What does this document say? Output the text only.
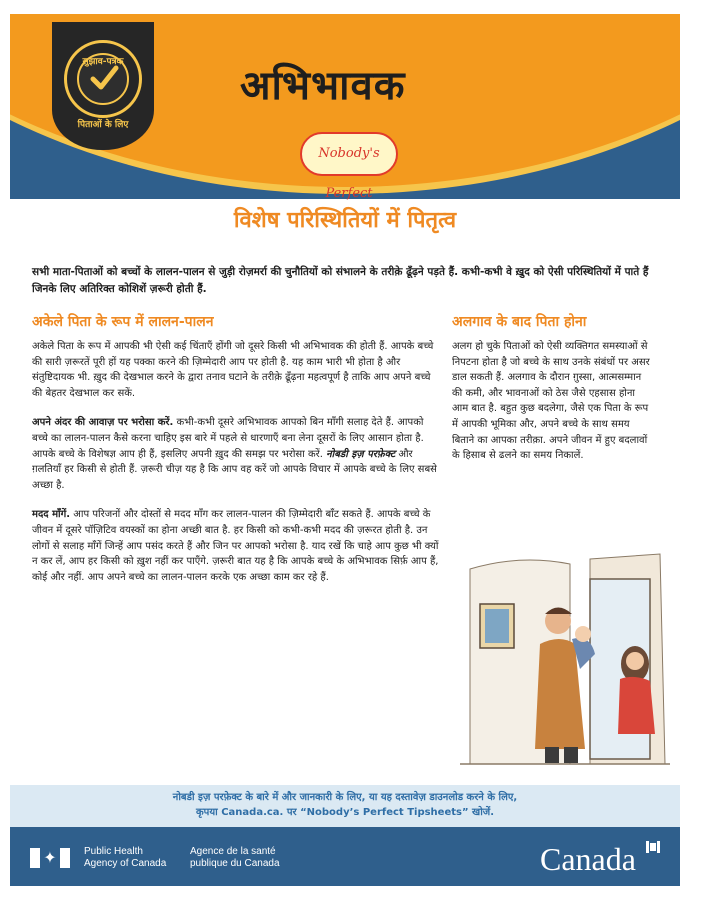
सुझाव-पत्रक
पिताओं के लिए
अभिभावक
Nobody's Perfect
विशेष परिस्थितियों में पितृत्व
सभी माता-पिताओं को बच्चों के लालन-पालन से जुड़ी रोज़मर्रा की चुनौतियों को संभालने के तरीक़े ढूँढ़ने पड़ते हैं. कभी-कभी वे ख़ुद को ऐसी परिस्थितियों में पाते हैं जिनके लिए अतिरिक्त कोशिशें ज़रूरी होती हैं.
अकेले पिता के रूप में लालन-पालन

अकेले पिता के रूप में आपकी भी ऐसी कई चिंताएँ होंगी जो दूसरे किसी भी अभिभावक की होती हैं. आपके बच्चे की सारी ज़रूरतें पूरी हों यह पक्का करने की ज़िम्मेदारी आप पर होती है. यह काम भारी भी होता है और संतुष्टिदायक भी. ख़ुद की देखभाल करने के द्वारा तनाव घटाने के तरीक़े ढूँढ़ना महत्वपूर्ण है ताकि आप अपने बच्चे की बेहतर देखभाल कर सकें.

अपने अंदर की आवाज़ पर भरोसा करें. कभी-कभी दूसरे अभिभावक आपको बिन माँगी सलाह देते हैं. आपको बच्चे का लालन-पालन कैसे करना चाहिए इस बारे में पहले से धारणाएँ बना लेना दूसरों के लिए आसान होता है. आपके बच्चे के विशेषज्ञ आप ही हैं, इसलिए अपनी ख़ुद की समझ पर भरोसा करें. नोबडी इज़ परफ़ेक्ट और ग़लतियाँ हर किसी से होती हैं. ज़रूरी चीज़ यह है कि आप वह करें जो आपके विचार में आपके बच्चे के लिए सबसे अच्छा है.

मदद माँगें. आप परिजनों और दोस्तों से मदद माँग कर लालन-पालन की ज़िम्मेदारी बाँट सकते हैं. आपके बच्चे के जीवन में दूसरे पॉज़िटिव वयस्कों का होना अच्छी बात है. हर किसी को कभी-कभी मदद की ज़रूरत होती है. उन लोगों से सलाह माँगें जिन्हें आप पसंद करते हैं और जिन पर आपको भरोसा है. याद रखें कि चाहे आप कुछ भी क्यों न कर लें, आप हर किसी को ख़ुश नहीं कर पाएँगे. ज़रूरी बात यह है कि आपके बच्चे के अभिभावक सिर्फ़ आप हैं, कोई और नहीं. आप अपने बच्चे का लालन-पालन करके एक अच्छा काम कर रहे हैं.

अलगाव के बाद पिता होना

अलग हो चुके पिताओं को ऐसी व्यक्तिगत समस्याओं से निपटना होता है जो बच्चे के साथ उनके संबंधों पर असर डाल सकती हैं. अलगाव के दौरान ग़ुस्सा, आत्मसम्मान की कमी, और भावनाओं को ठेस जैसे एहसास होना आम बात है. बहुत कुछ बदलेगा, जैसे एक पिता के रूप में आपकी भूमिका और, अपने बच्चे के साथ समय बिताने का आपका तरीक़ा. अपने जीवन में हुए बदलावों के हिसाब से ढलने का समय निकालें.

नोबडी इज़ परफ़ेक्ट के बारे में और जानकारी के लिए, या यह दस्तावेज़ डाउनलोड करने के लिए,
कृपया Canada.ca. पर “Nobody’s Perfect Tipsheets” खोजें.
✦	Public Health
Agency of Canada
Agence de la santé
publique du Canada	Canada
